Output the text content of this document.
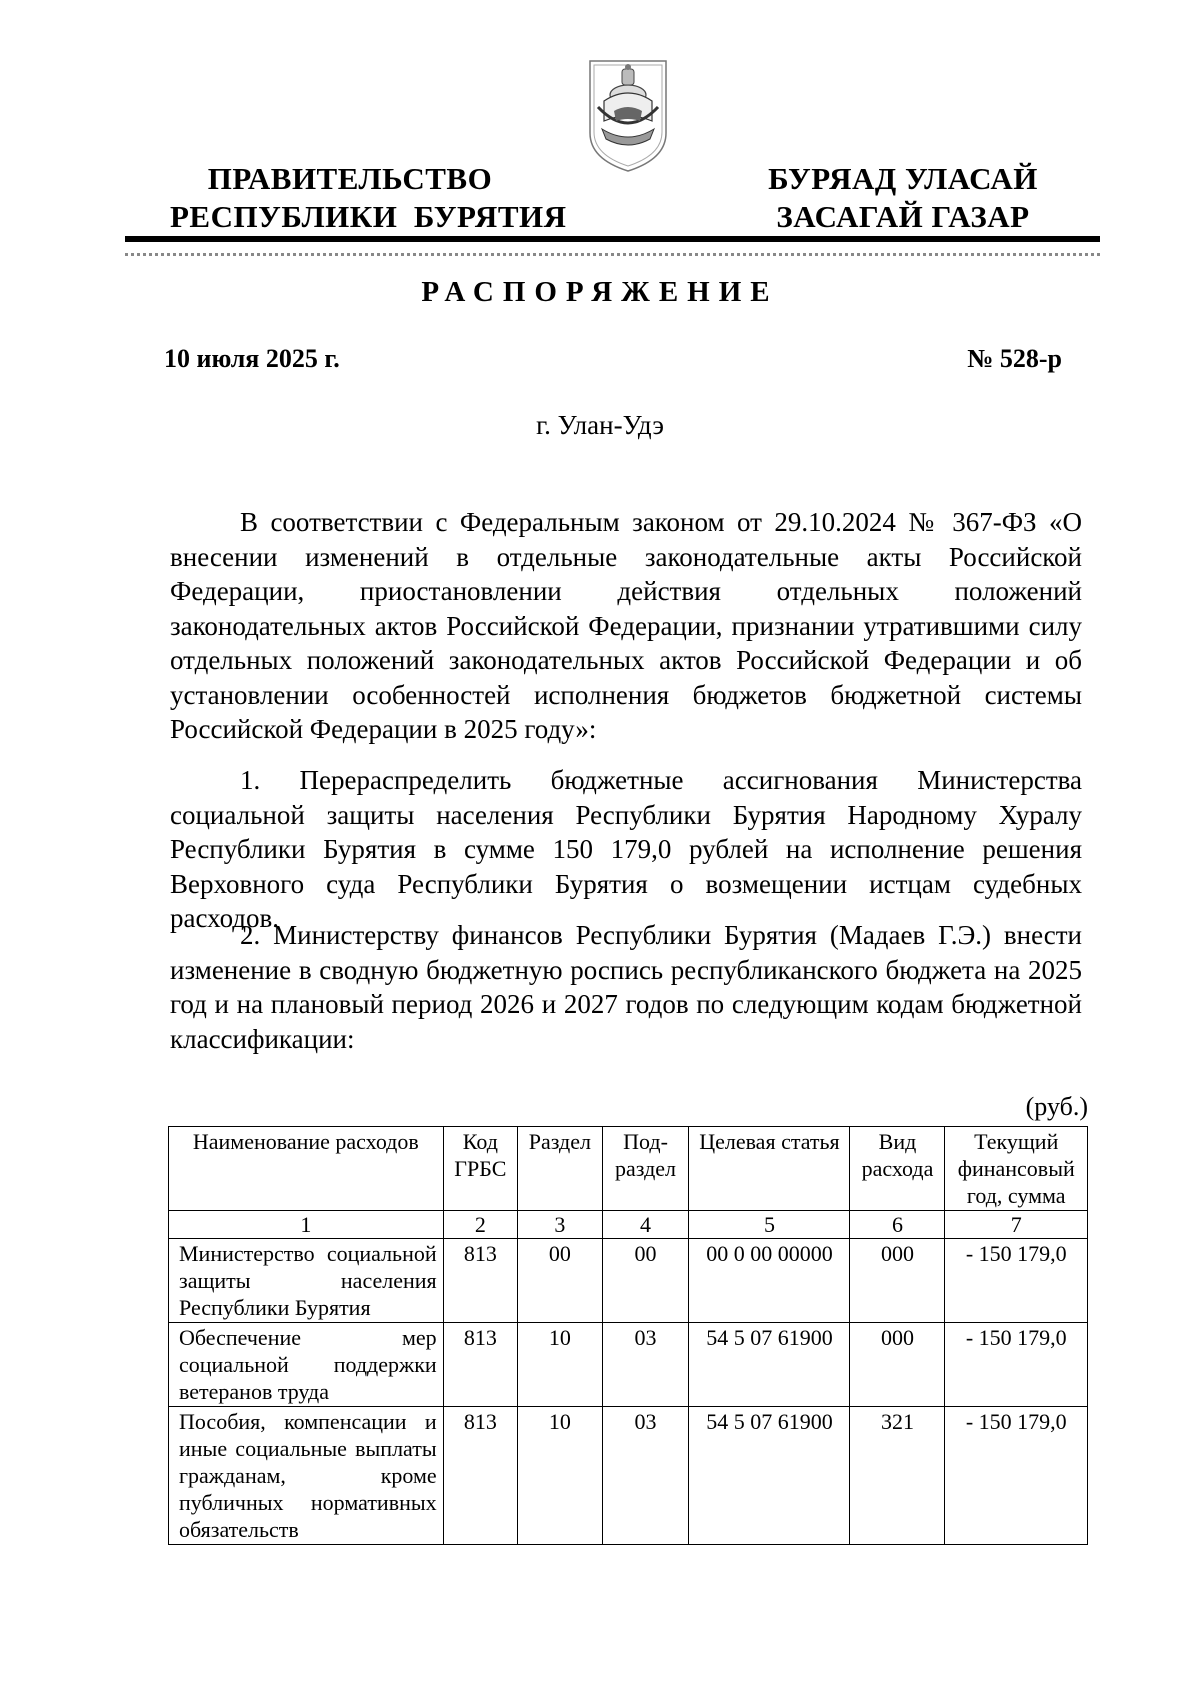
ПРАВИТЕЛЬСТВО
РЕСПУБЛИКИ  БУРЯТИЯ
БУРЯАД УЛАСАЙ
ЗАСАГАЙ ГАЗАР
РАСПОРЯЖЕНИЕ
10 июля 2025 г.	№ 528-р
г. Улан-Удэ

В соответствии с Федеральным законом от 29.10.2024 № 367-ФЗ «О внесении изменений в отдельные законодательные акты Российской Федерации, приостановлении действия отдельных положений законодательных актов Российской Федерации, признании утратившими силу отдельных положений законодательных актов Российской Федерации и об установлении особенностей исполнения бюджетов бюджетной системы Российской Федерации в 2025 году»:

1. Перераспределить бюджетные ассигнования Министерства социальной защиты населения Республики Бурятия Народному Хуралу Республики Бурятия в сумме 150 179,0 рублей на исполнение решения Верховного суда Республики Бурятия о возмещении истцам судебных расходов.

2. Министерству финансов Республики Бурятия (Мадаев Г.Э.) внести изменение в сводную бюджетную роспись республиканского бюджета на 2025 год и на плановый период 2026 и 2027 годов по следующим кодам бюджетной классификации:

(руб.)
Наименование расходов	Код ГРБС	Раздел	Под- раздел	Целевая статья	Вид расхода	Текущий финансовый год, сумма
1	2	3	4	5	6	7
Министерство социальной защиты населения Республики Бурятия	813	00	00	00 0 00 00000	000	- 150 179,0
Обеспечение мер социальной поддержки ветеранов труда	813	10	03	54 5 07 61900	000	- 150 179,0
Пособия, компенсации и иные социальные выплаты гражданам, кроме публичных нормативных обязательств	813	10	03	54 5 07 61900	321	- 150 179,0
